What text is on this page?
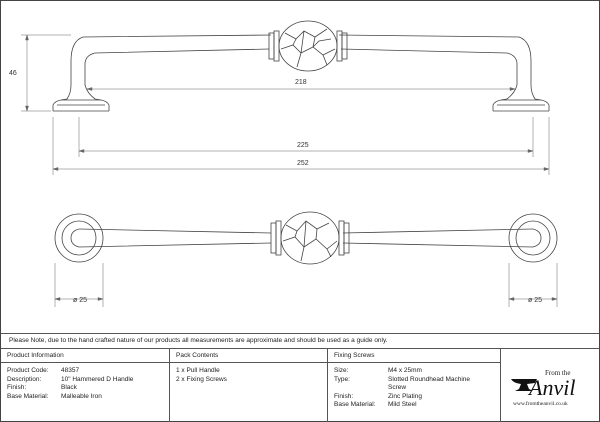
46
218
225
252
ø 25	ø 25
Please Note, due to the hand crafted nature of our products all measurements are approximate and should be used as a guide only.
Product Information
Product Code:	48357
Description:	10" Hammered D Handle
Finish:	Black
Base Material:	Malleable Iron
Pack Contents
1 x Pull Handle
2 x Fixing Screws
Fixing Screws
Size:	M4 x 25mm
Type:	Slotted Roundhead Machine
Screw
Finish:	Zinc Plating
Base Material:	Mild Steel
From the
Anvil
www.fromtheanvil.co.uk
